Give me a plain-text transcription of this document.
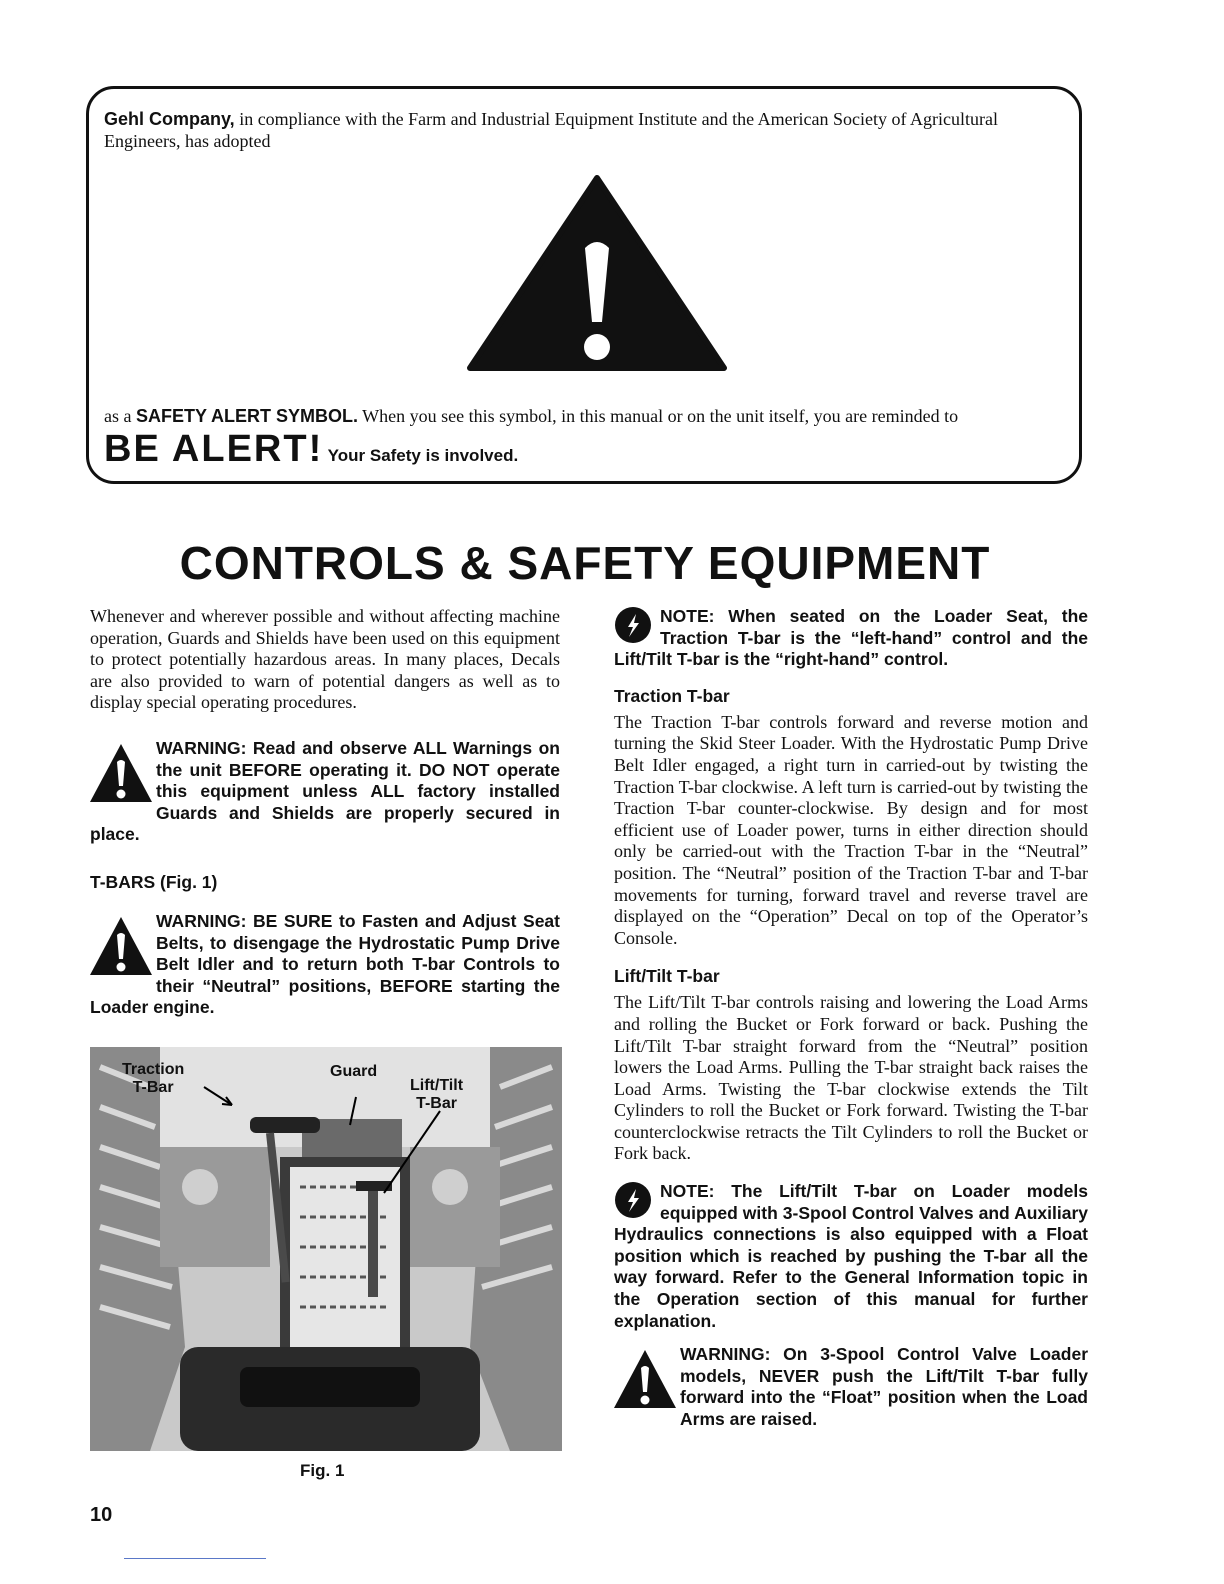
Gehl Company, in compliance with the Farm and Industrial Equipment Institute and the American Society of Agricultural Engineers, has adopted
as a SAFETY ALERT SYMBOL. When you see this symbol, in this manual or on the unit itself, you are reminded to
BE ALERT! Your Safety is involved.
CONTROLS & SAFETY EQUIPMENT

Whenever and wherever possible and without affecting machine operation, Guards and Shields have been used on this equipment to protect potentially hazardous areas. In many places, Decals are also provided to warn of potential dangers as well as to display special operating procedures.

WARNING: Read and observe ALL Warnings on the unit BEFORE operating it. DO NOT operate this equipment unless ALL factory installed Guards and Shields are properly secured in place.

T-BARS (Fig. 1)

WARNING: BE SURE to Fasten and Adjust Seat Belts, to disengage the Hydrostatic Pump Drive Belt Idler and to return both T-bar Controls to their “Neutral” positions, BEFORE starting the Loader engine.

Traction
T-Bar
Guard
Lift/Tilt
T-Bar
Fig. 1

NOTE: When seated on the Loader Seat, the Traction T-bar is the “left-hand” control and the Lift/Tilt T-bar is the “right-hand” control.

Traction T-bar

The Traction T-bar controls forward and reverse motion and turning the Skid Steer Loader. With the Hydrostatic Pump Drive Belt Idler engaged, a right turn in carried-out by twisting the Traction T-bar clockwise. A left turn is carried-out by twisting the Traction T-bar counter-clockwise. By design and for most efficient use of Loader power, turns in either direction should only be carried-out with the Traction T-bar in the “Neutral” position. The “Neutral” position of the Traction T-bar and T-bar movements for turning, forward travel and reverse travel are displayed on the “Operation” Decal on top of the Operator’s Console.

Lift/Tilt T-bar

The Lift/Tilt T-bar controls raising and lowering the Load Arms and rolling the Bucket or Fork forward or back. Pushing the Lift/Tilt T-bar straight forward from the “Neutral” position lowers the Load Arms. Pulling the T-bar straight back raises the Load Arms. Twisting the T-bar clockwise extends the Tilt Cylinders to roll the Bucket or Fork forward. Twisting the T-bar counterclockwise retracts the Tilt Cylinders to roll the Bucket or Fork back.

NOTE: The Lift/Tilt T-bar on Loader models equipped with 3-Spool Control Valves and Auxiliary Hydraulics connections is also equipped with a Float position which is reached by pushing the T-bar all the way forward. Refer to the General Information topic in the Operation section of this manual for further explanation.

WARNING: On 3-Spool Control Valve Loader models, NEVER push the Lift/Tilt T-bar fully forward into the “Float” position when the Load Arms are raised.

10
